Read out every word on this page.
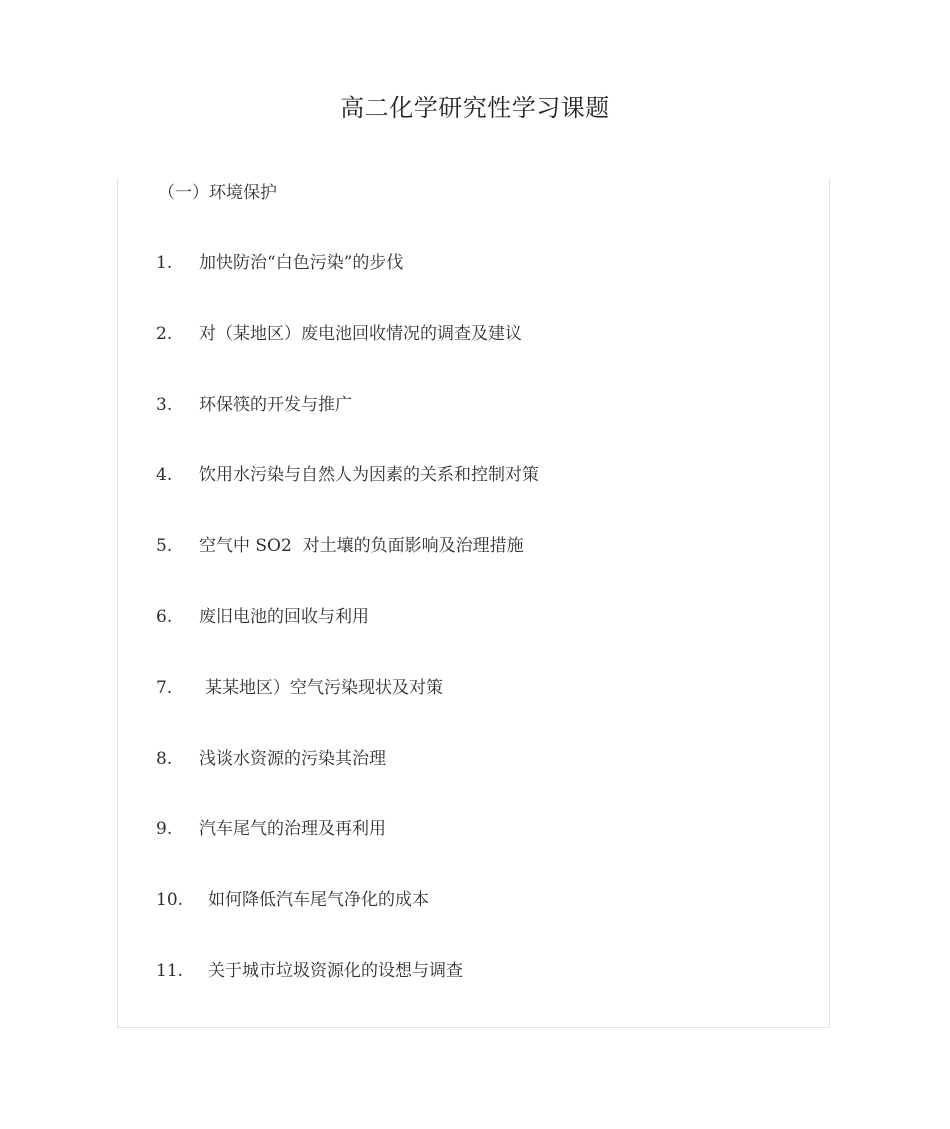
高二化学研究性学习课题
（一）环境保护
1. 加快防治“白色污染”的步伐
2. 对（某地区）废电池回收情况的调查及建议
3. 环保筷的开发与推广
4. 饮用水污染与自然人为因素的关系和控制对策
5. 空气中 SO2  对土壤的负面影响及治理措施
6. 废旧电池的回收与利用
7. 某某地区）空气污染现状及对策
8. 浅谈水资源的污染其治理
9. 汽车尾气的治理及再利用
10. 如何降低汽车尾气净化的成本
11. 关于城市垃圾资源化的设想与调查
